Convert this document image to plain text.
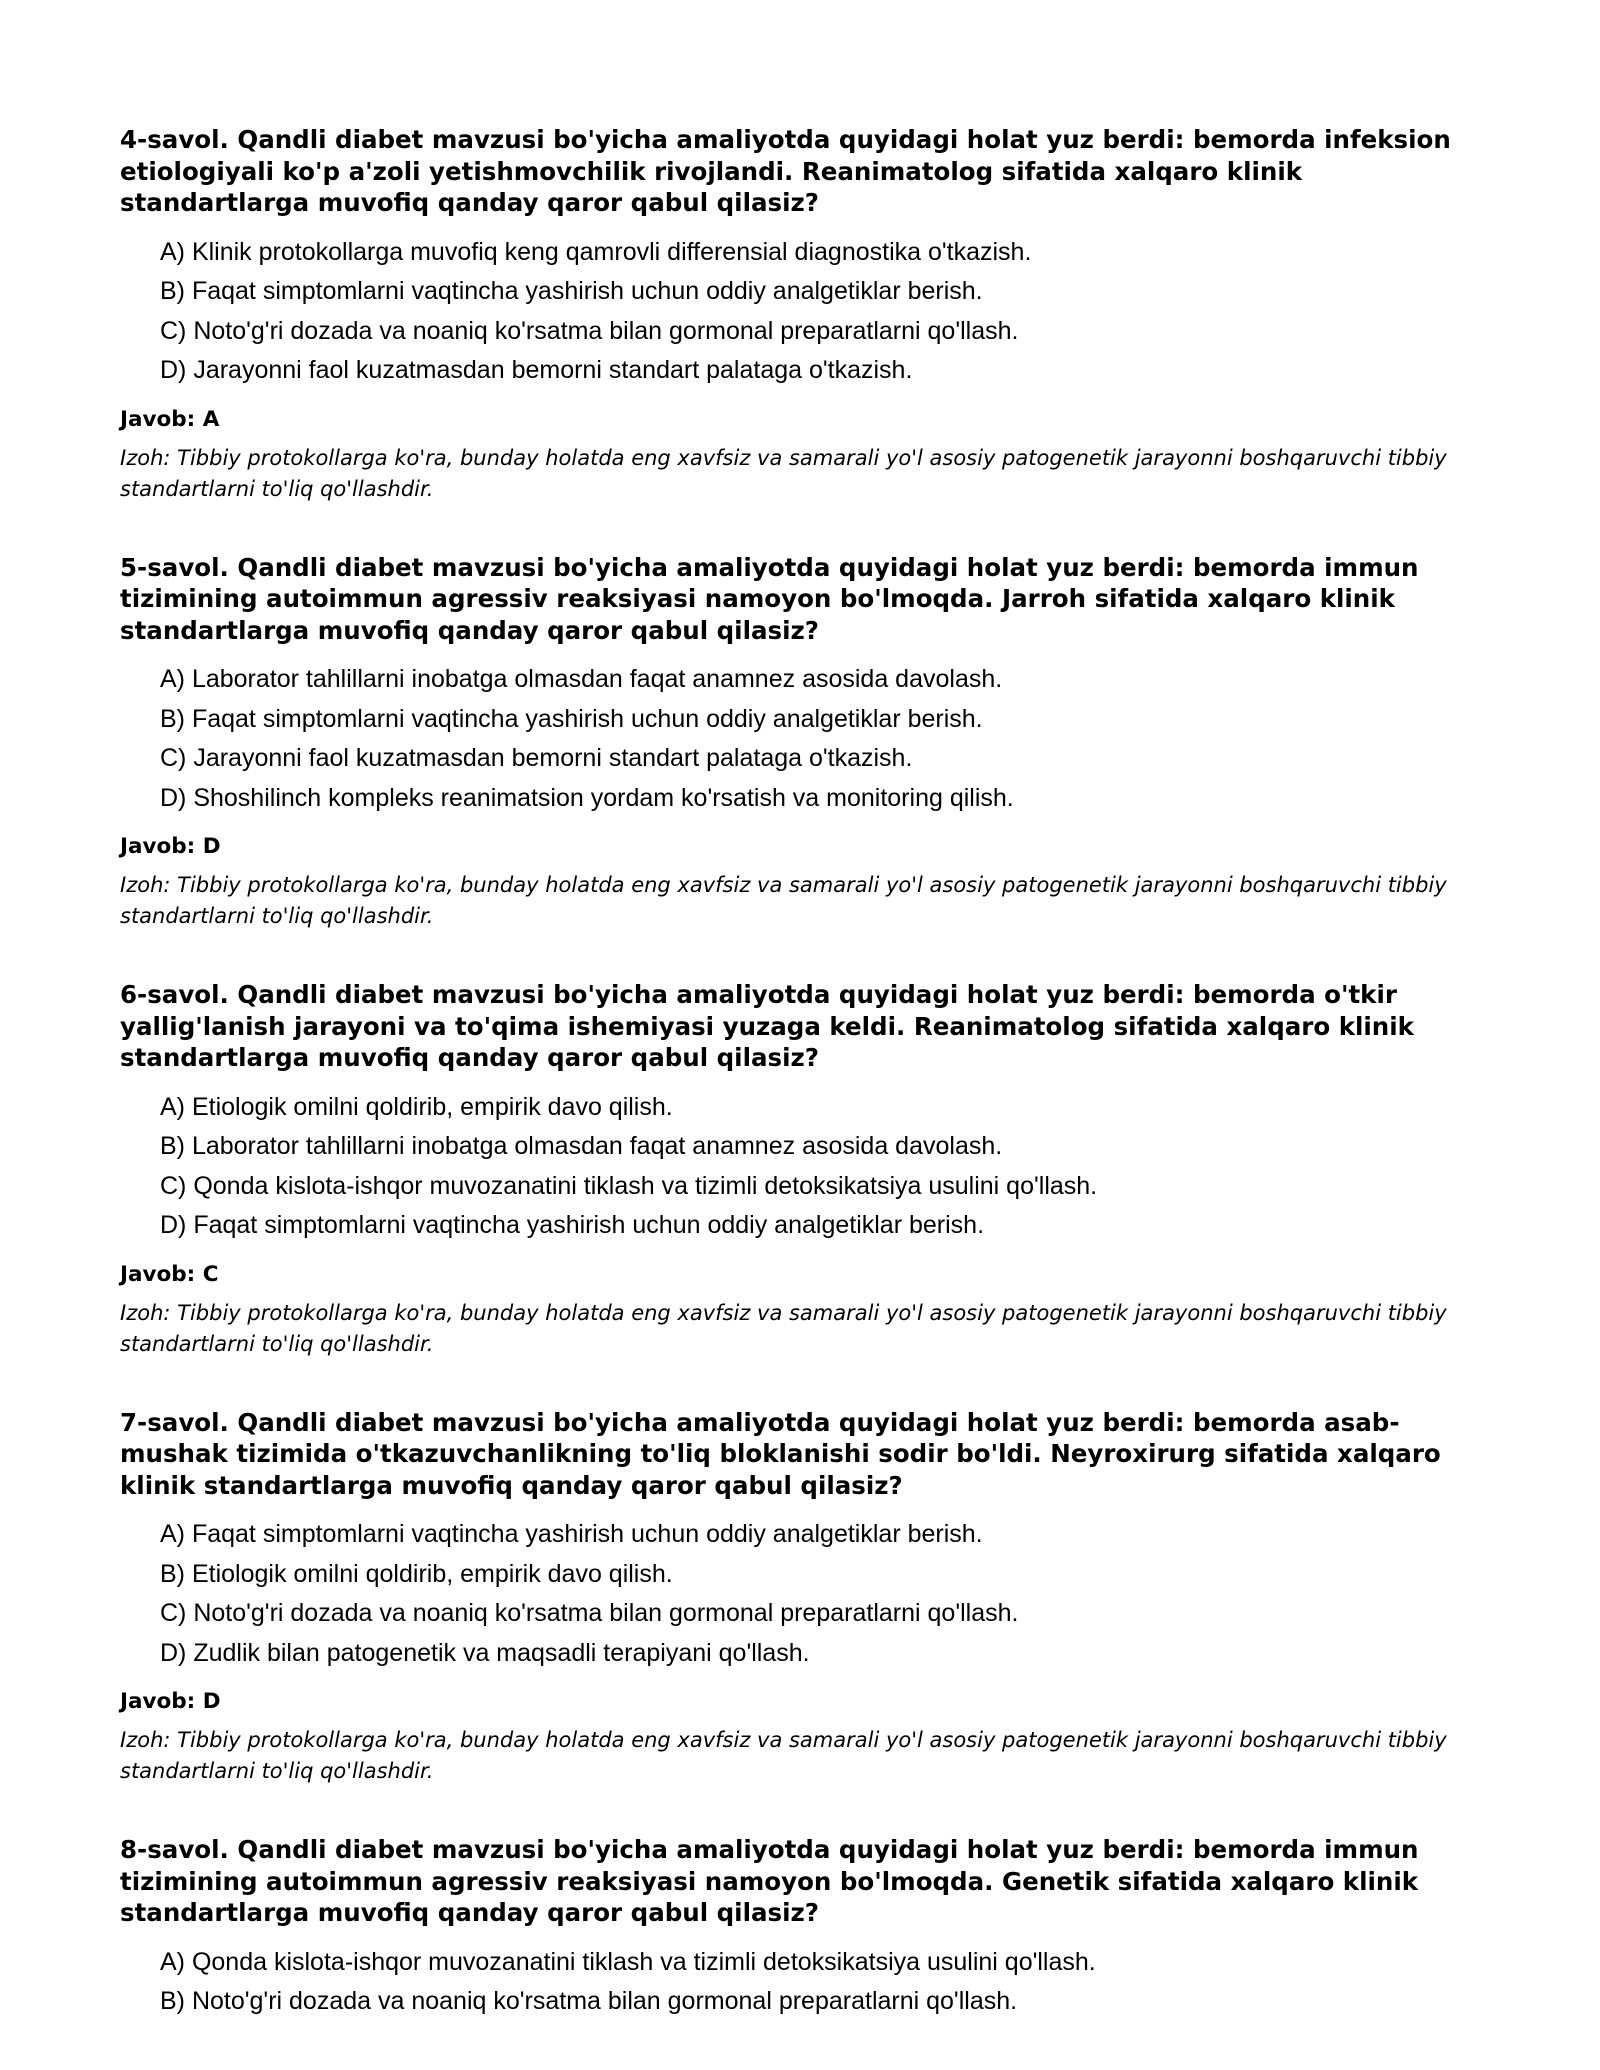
4-savol. Qandli diabet mavzusi bo'yicha amaliyotda quyidagi holat yuz berdi: bemorda infeksion etiologiyali ko'p a'zoli yetishmovchilik rivojlandi. Reanimatolog sifatida xalqaro klinik standartlarga muvofiq qanday qaror qabul qilasiz?

A) Klinik protokollarga muvofiq keng qamrovli differensial diagnostika o'tkazish.
B) Faqat simptomlarni vaqtincha yashirish uchun oddiy analgetiklar berish.
C) Noto'g'ri dozada va noaniq ko'rsatma bilan gormonal preparatlarni qo'llash.
D) Jarayonni faol kuzatmasdan bemorni standart palataga o'tkazish.

Javob: A

Izoh: Tibbiy protokollarga ko'ra, bunday holatda eng xavfsiz va samarali yo'l asosiy patogenetik jarayonni boshqaruvchi tibbiy standartlarni to'liq qo'llashdir.

5-savol. Qandli diabet mavzusi bo'yicha amaliyotda quyidagi holat yuz berdi: bemorda immun tizimining autoimmun agressiv reaksiyasi namoyon bo'lmoqda. Jarroh sifatida xalqaro klinik standartlarga muvofiq qanday qaror qabul qilasiz?

A) Laborator tahlillarni inobatga olmasdan faqat anamnez asosida davolash.
B) Faqat simptomlarni vaqtincha yashirish uchun oddiy analgetiklar berish.
C) Jarayonni faol kuzatmasdan bemorni standart palataga o'tkazish.
D) Shoshilinch kompleks reanimatsion yordam ko'rsatish va monitoring qilish.

Javob: D

Izoh: Tibbiy protokollarga ko'ra, bunday holatda eng xavfsiz va samarali yo'l asosiy patogenetik jarayonni boshqaruvchi tibbiy standartlarni to'liq qo'llashdir.

6-savol. Qandli diabet mavzusi bo'yicha amaliyotda quyidagi holat yuz berdi: bemorda o'tkir yallig'lanish jarayoni va to'qima ishemiyasi yuzaga keldi. Reanimatolog sifatida xalqaro klinik standartlarga muvofiq qanday qaror qabul qilasiz?

A) Etiologik omilni qoldirib, empirik davo qilish.
B) Laborator tahlillarni inobatga olmasdan faqat anamnez asosida davolash.
C) Qonda kislota-ishqor muvozanatini tiklash va tizimli detoksikatsiya usulini qo'llash.
D) Faqat simptomlarni vaqtincha yashirish uchun oddiy analgetiklar berish.

Javob: C

Izoh: Tibbiy protokollarga ko'ra, bunday holatda eng xavfsiz va samarali yo'l asosiy patogenetik jarayonni boshqaruvchi tibbiy standartlarni to'liq qo'llashdir.

7-savol. Qandli diabet mavzusi bo'yicha amaliyotda quyidagi holat yuz berdi: bemorda asab-mushak tizimida o'tkazuvchanlikning to'liq bloklanishi sodir bo'ldi. Neyroxirurg sifatida xalqaro klinik standartlarga muvofiq qanday qaror qabul qilasiz?

A) Faqat simptomlarni vaqtincha yashirish uchun oddiy analgetiklar berish.
B) Etiologik omilni qoldirib, empirik davo qilish.
C) Noto'g'ri dozada va noaniq ko'rsatma bilan gormonal preparatlarni qo'llash.
D) Zudlik bilan patogenetik va maqsadli terapiyani qo'llash.

Javob: D

Izoh: Tibbiy protokollarga ko'ra, bunday holatda eng xavfsiz va samarali yo'l asosiy patogenetik jarayonni boshqaruvchi tibbiy standartlarni to'liq qo'llashdir.

8-savol. Qandli diabet mavzusi bo'yicha amaliyotda quyidagi holat yuz berdi: bemorda immun tizimining autoimmun agressiv reaksiyasi namoyon bo'lmoqda. Genetik sifatida xalqaro klinik standartlarga muvofiq qanday qaror qabul qilasiz?

A) Qonda kislota-ishqor muvozanatini tiklash va tizimli detoksikatsiya usulini qo'llash.
B) Noto'g'ri dozada va noaniq ko'rsatma bilan gormonal preparatlarni qo'llash.
